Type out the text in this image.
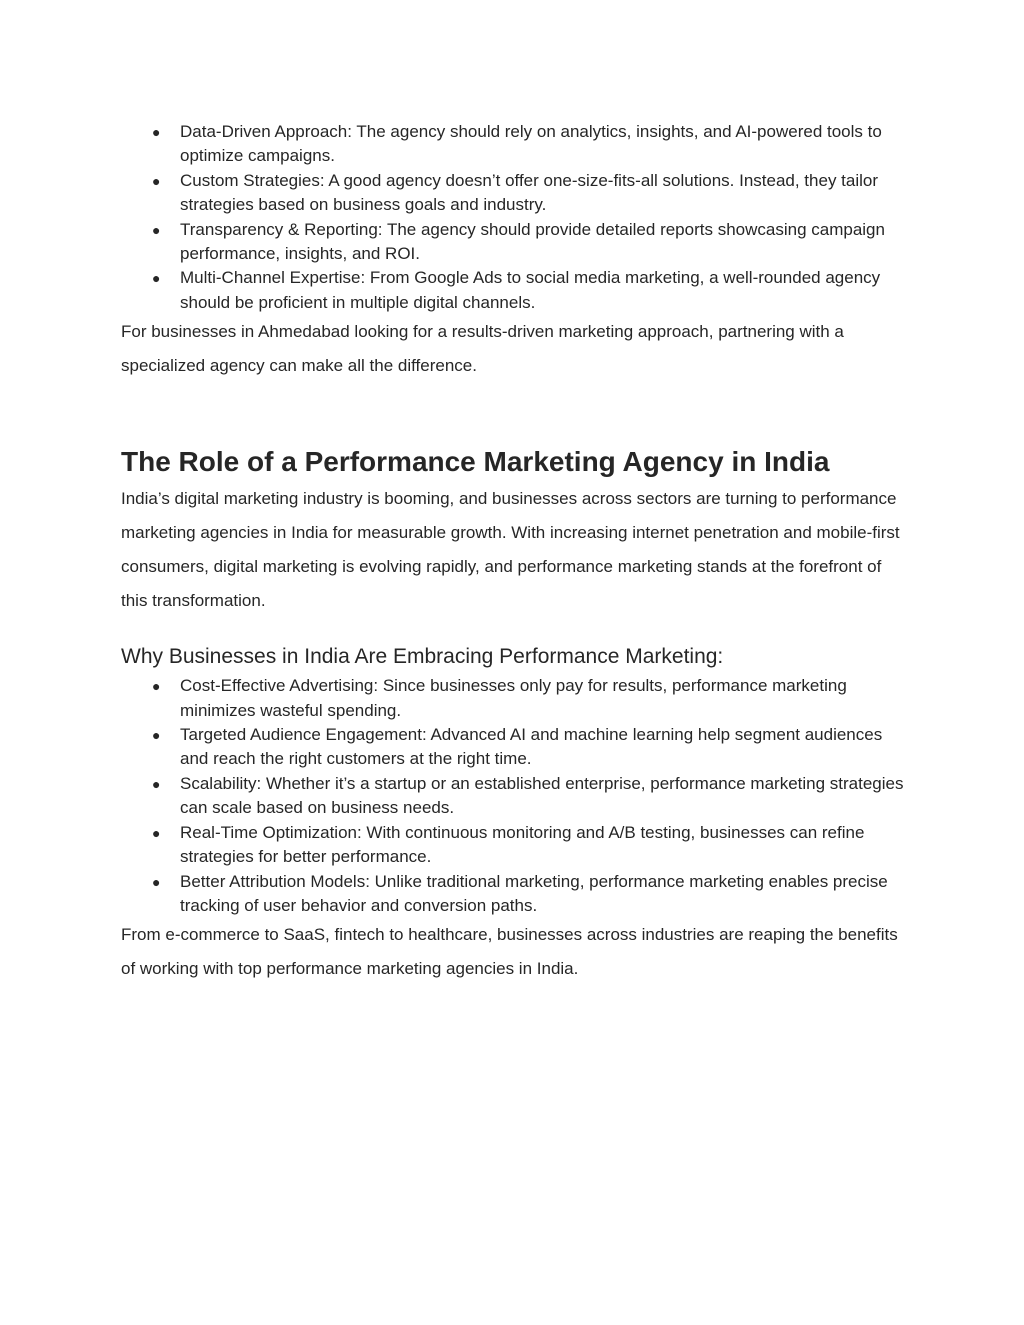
● Data-Driven Approach: The agency should rely on analytics, insights, and AI-powered tools to optimize campaigns.
● Custom Strategies: A good agency doesn’t offer one-size-fits-all solutions. Instead, they tailor strategies based on business goals and industry.
● Transparency & Reporting: The agency should provide detailed reports showcasing campaign performance, insights, and ROI.
● Multi-Channel Expertise: From Google Ads to social media marketing, a well-rounded agency should be proficient in multiple digital channels.

For businesses in Ahmedabad looking for a results-driven marketing approach, partnering with a specialized agency can make all the difference.

The Role of a Performance Marketing Agency in India

India’s digital marketing industry is booming, and businesses across sectors are turning to performance marketing agencies in India for measurable growth. With increasing internet penetration and mobile-first consumers, digital marketing is evolving rapidly, and performance marketing stands at the forefront of this transformation.

Why Businesses in India Are Embracing Performance Marketing:
● Cost-Effective Advertising: Since businesses only pay for results, performance marketing minimizes wasteful spending.
● Targeted Audience Engagement: Advanced AI and machine learning help segment audiences and reach the right customers at the right time.
● Scalability: Whether it’s a startup or an established enterprise, performance marketing strategies can scale based on business needs.
● Real-Time Optimization: With continuous monitoring and A/B testing, businesses can refine strategies for better performance.
● Better Attribution Models: Unlike traditional marketing, performance marketing enables precise tracking of user behavior and conversion paths.

From e-commerce to SaaS, fintech to healthcare, businesses across industries are reaping the benefits of working with top performance marketing agencies in India.
